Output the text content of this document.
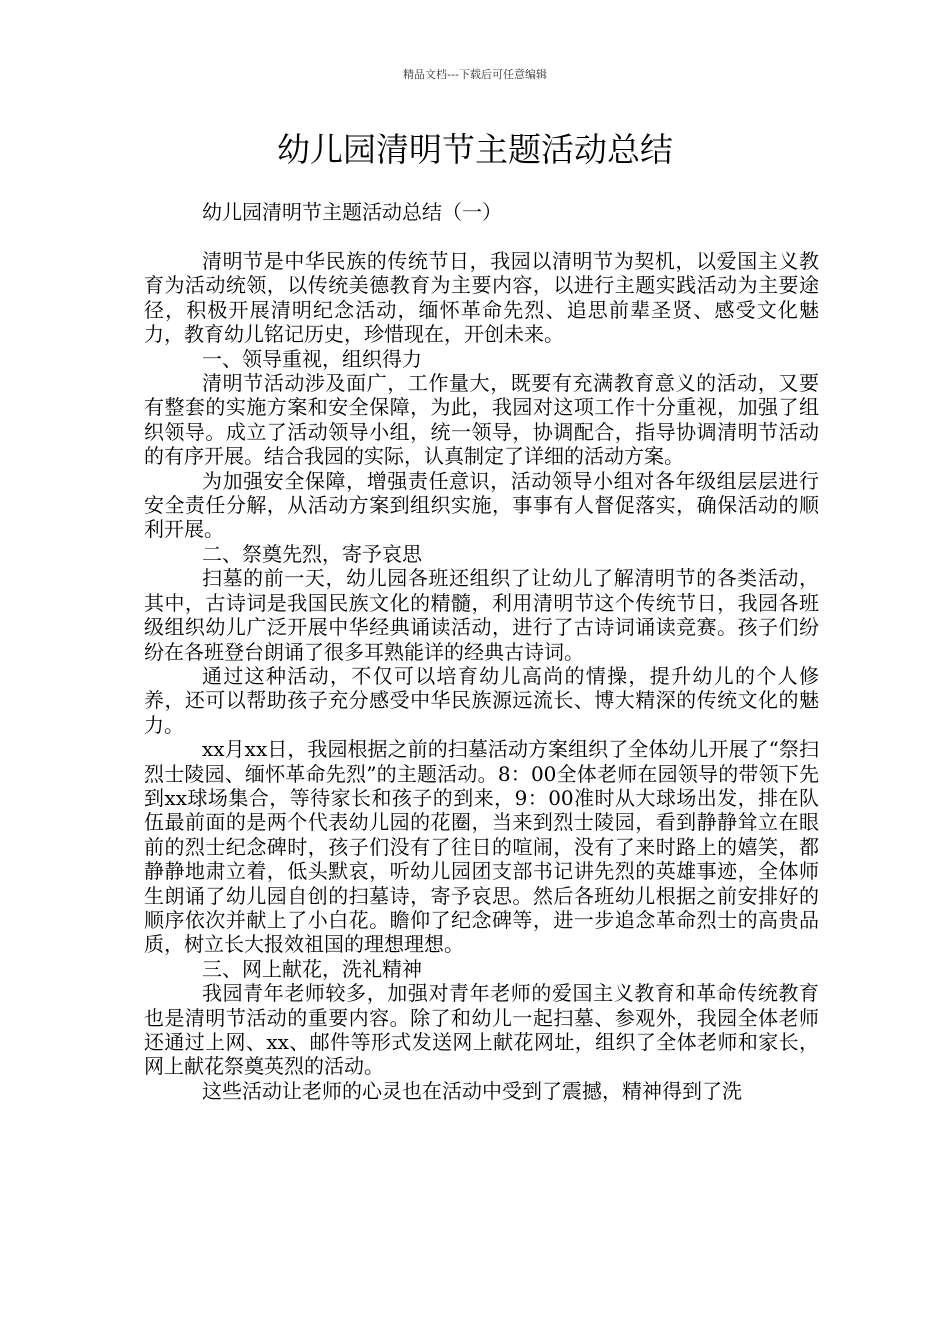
精品文档---下载后可任意编辑
幼儿园清明节主题活动总结
幼儿园清明节主题活动总结（一）

清明节是中华民族的传统节日，我园以清明节为契机，以爱国主义教育为活动统领，以传统美德教育为主要内容，以进行主题实践活动为主要途径，积极开展清明纪念活动，缅怀革命先烈、追思前辈圣贤、感受文化魅力，教育幼儿铭记历史，珍惜现在，开创未来。

一、领导重视，组织得力

清明节活动涉及面广，工作量大，既要有充满教育意义的活动，又要有整套的实施方案和安全保障，为此，我园对这项工作十分重视，加强了组织领导。成立了活动领导小组，统一领导，协调配合，指导协调清明节活动的有序开展。结合我园的实际，认真制定了详细的活动方案。

为加强安全保障，增强责任意识，活动领导小组对各年级组层层进行安全责任分解，从活动方案到组织实施，事事有人督促落实，确保活动的顺利开展。

二、祭奠先烈，寄予哀思

扫墓的前一天，幼儿园各班还组织了让幼儿了解清明节的各类活动，其中，古诗词是我国民族文化的精髓，利用清明节这个传统节日，我园各班级组织幼儿广泛开展中华经典诵读活动，进行了古诗词诵读竞赛。孩子们纷纷在各班登台朗诵了很多耳熟能详的经典古诗词。

通过这种活动，不仅可以培育幼儿高尚的情操，提升幼儿的个人修养，还可以帮助孩子充分感受中华民族源远流长、博大精深的传统文化的魅力。

xx月xx日，我园根据之前的扫墓活动方案组织了全体幼儿开展了“祭扫烈士陵园、缅怀革命先烈”的主题活动。8：00全体老师在园领导的带领下先到xx球场集合，等待家长和孩子的到来，9：00准时从大球场出发，排在队伍最前面的是两个代表幼儿园的花圈，当来到烈士陵园，看到静静耸立在眼前的烈士纪念碑时，孩子们没有了往日的喧闹，没有了来时路上的嬉笑，都静静地肃立着，低头默哀，听幼儿园团支部书记讲先烈的英雄事迹，全体师生朗诵了幼儿园自创的扫墓诗，寄予哀思。然后各班幼儿根据之前安排好的顺序依次并献上了小白花。瞻仰了纪念碑等，进一步追念革命烈士的高贵品质，树立长大报效祖国的理想理想。

三、网上献花，洗礼精神

我园青年老师较多，加强对青年老师的爱国主义教育和革命传统教育也是清明节活动的重要内容。除了和幼儿一起扫墓、参观外，我园全体老师还通过上网、xx、邮件等形式发送网上献花网址，组织了全体老师和家长，网上献花祭奠英烈的活动。

这些活动让老师的心灵也在活动中受到了震撼，精神得到了洗
